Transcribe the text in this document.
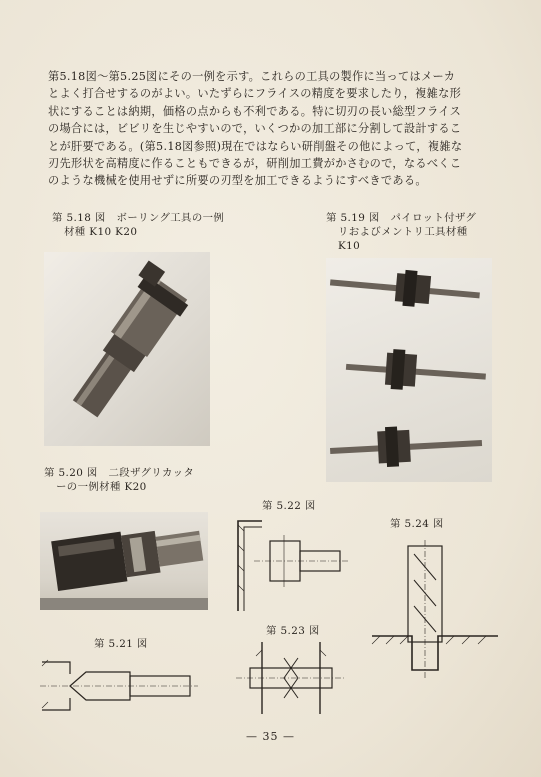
第5.18図〜第5.25図にその一例を示す。これらの工具の製作に当ってはメーカ

とよく打合せするのがよい。いたずらにフライスの精度を要求したり，複雑な形

状にすることは納期，価格の点からも不利である。特に切刃の長い総型フライス

の場合には，ビビリを生じやすいので，いくつかの加工部に分割して設計するこ

とが肝要である。(第5.18図参照)現在ではならい研削盤その他によって，複雑な

刃先形状を高精度に作ることもできるが，研削加工費がかさむので，なるべくこ

のような機械を使用せずに所要の刃型を加工できるようにすべきである。

第 5.18 図　ボーリング工具の一例
材種 K10 K20
第 5.19 図　パイロット付ザグ
リおよびメントリ工具材種
K10
第 5.20 図　二段ザグリカッタ
ーの一例材種 K20
第 5.22 図
第 5.24 図
第 5.21 図
第 5.23 図
— 35 —
